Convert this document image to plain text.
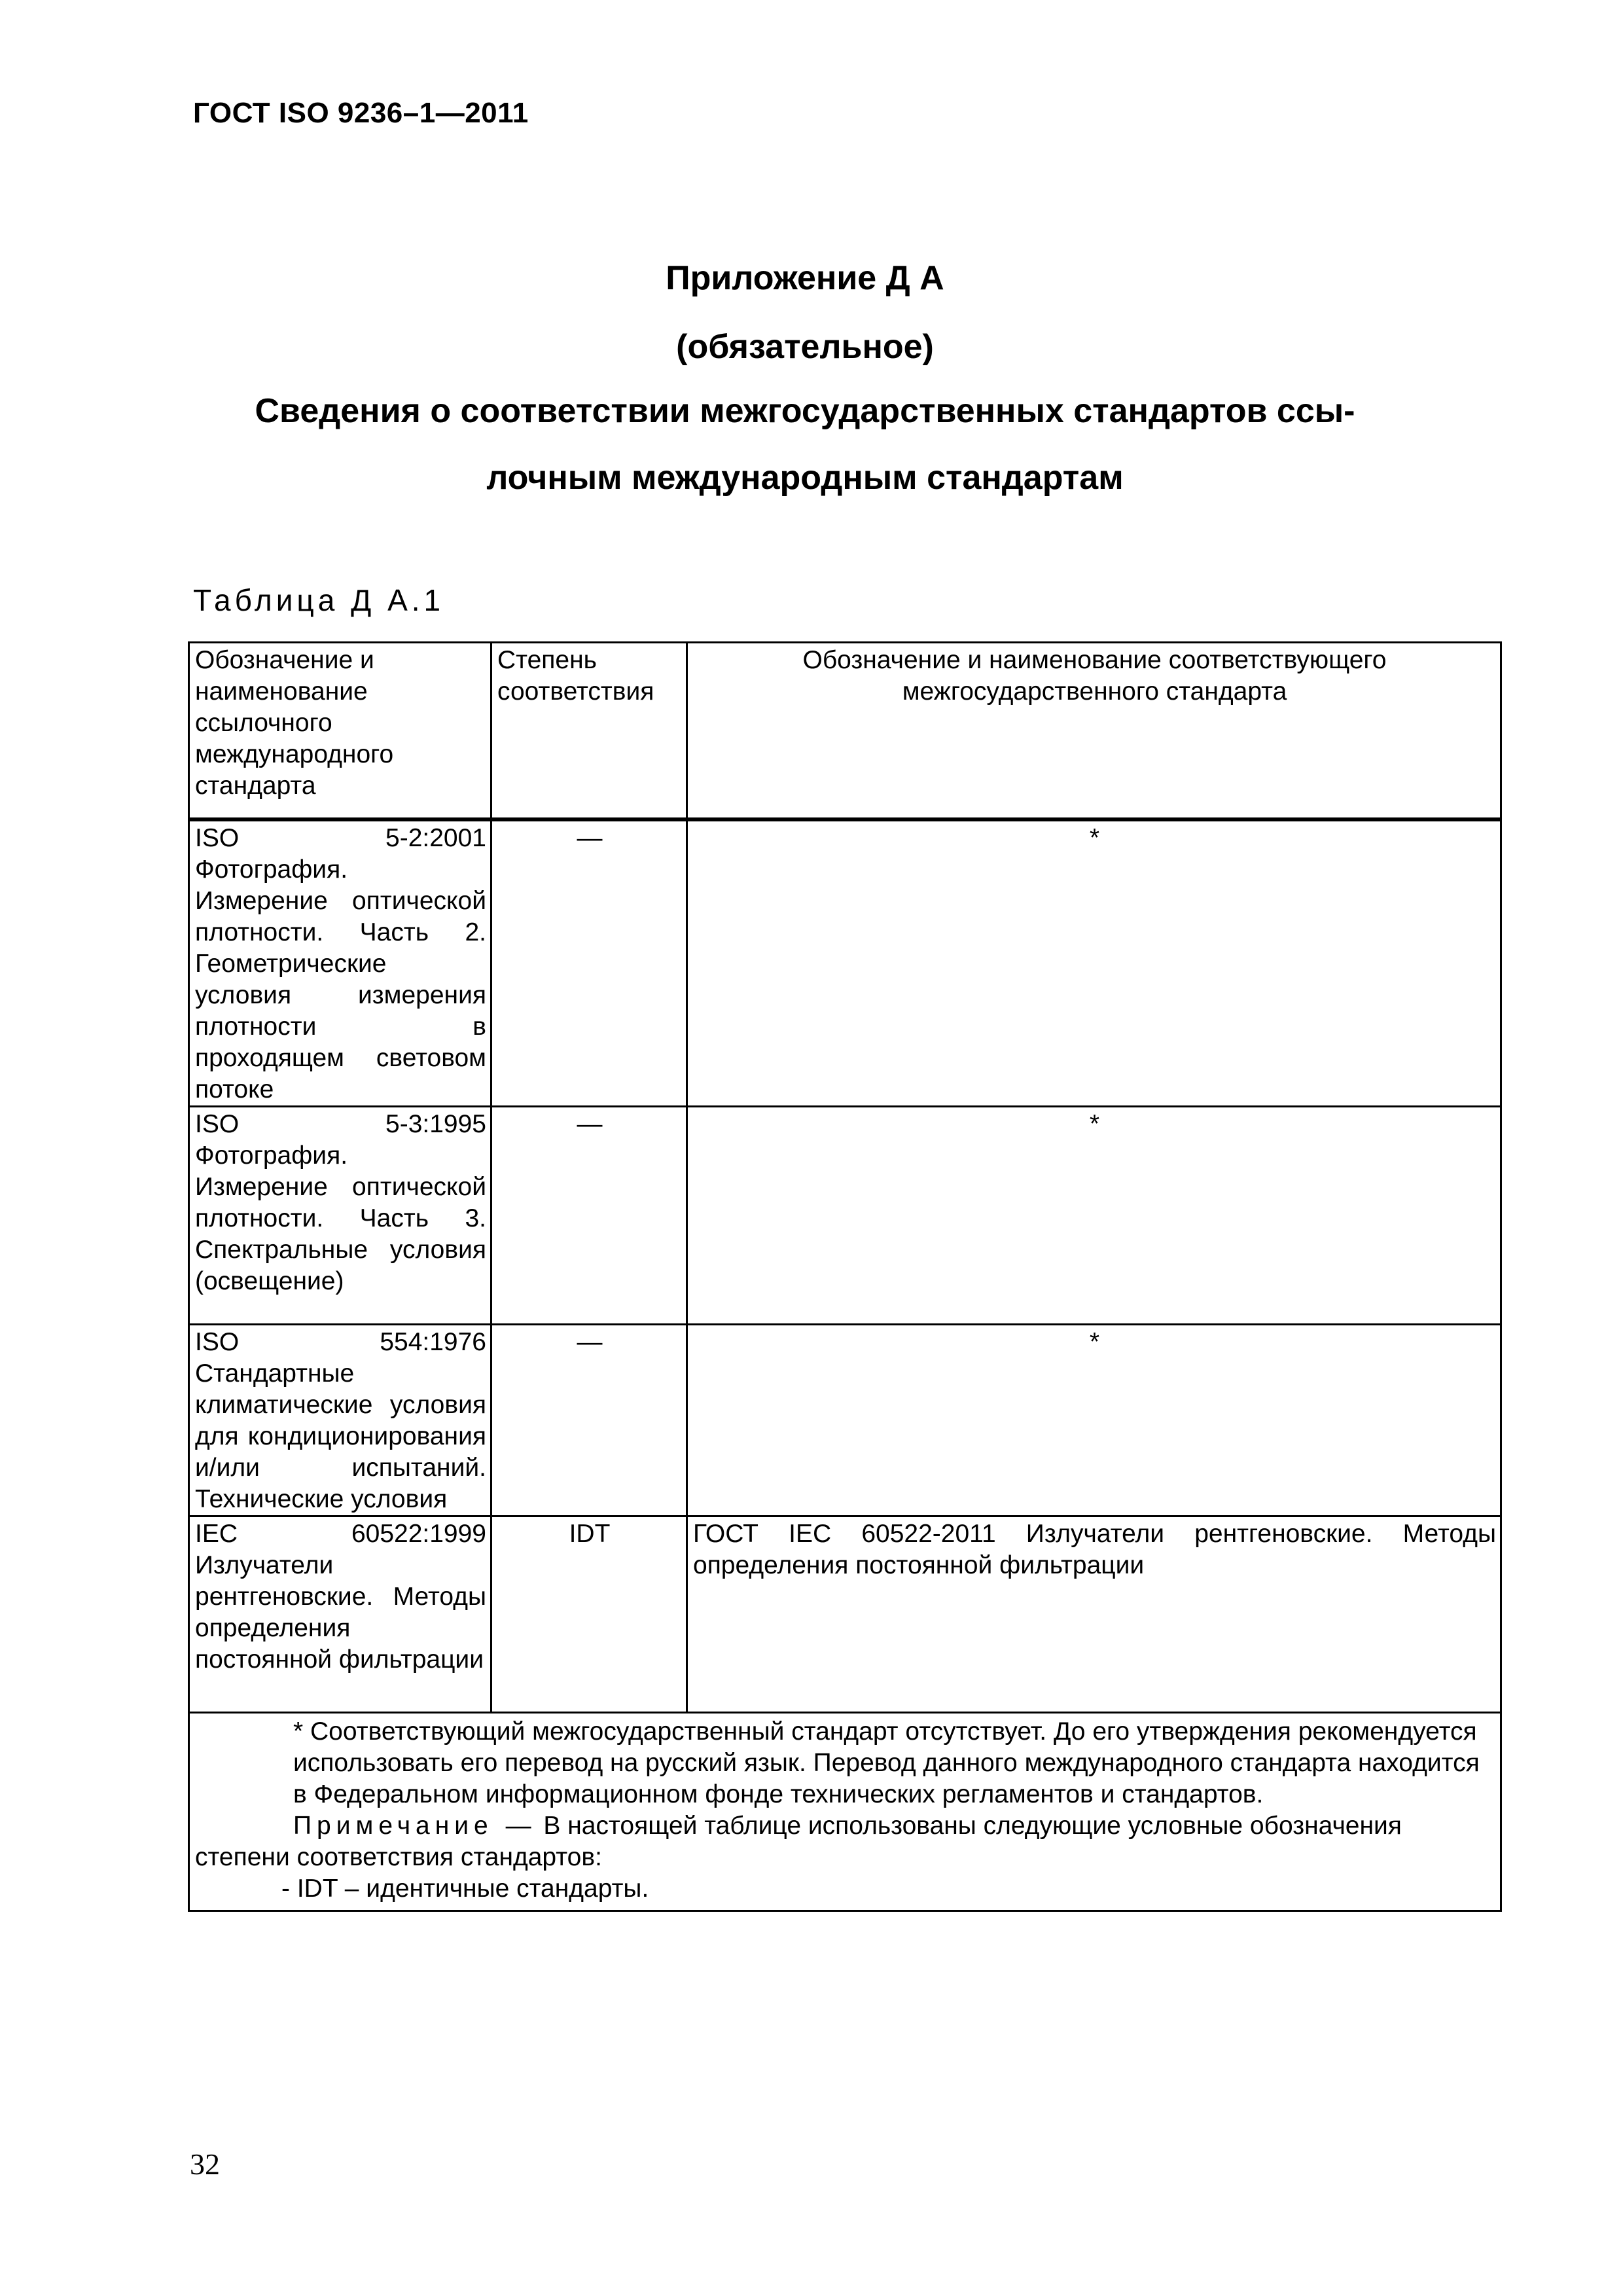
ГОСТ ISO 9236–1—2011
Приложение Д А
(обязательное)
Сведения о соответствии межгосударственных стандартов ссы-
лочным международным стандартам
Таблица Д А.1
Обозначение и наименование ссылочного международного стандарта	Степень соответствия	Обозначение и наименование соответствующего межгосударственного стандарта
ISO 5-2:2001 Фотография. Измерение оптической плотности. Часть 2. Геометрические условия измерения плотности в проходящем световом потоке	—	*
ISO 5-3:1995 Фотография. Измерение оптической плотности. Часть 3. Спектральные условия (освещение)	—	*
ISO 554:1976 Стандартные климатические условия для кондиционирования и/или испытаний. Технические условия	—	*
IEC 60522:1999 Излучатели рентгеновские. Методы определения постоянной фильтрации	IDT	ГОСТ IEC 60522-2011 Излучатели рентгеновские. Методы определения постоянной фильтрации

* Соответствующий межгосударственный стандарт отсутствует. До его утверждения рекомендуется использовать его перевод на русский язык. Перевод данного международного стандарта находится в Федеральном информационном фонде технических регламентов и стандартов.
Примечание — В настоящей таблице использованы следующие условные обозначения степени соответствия стандартов:
- IDT – идентичные стандарты.		
32
